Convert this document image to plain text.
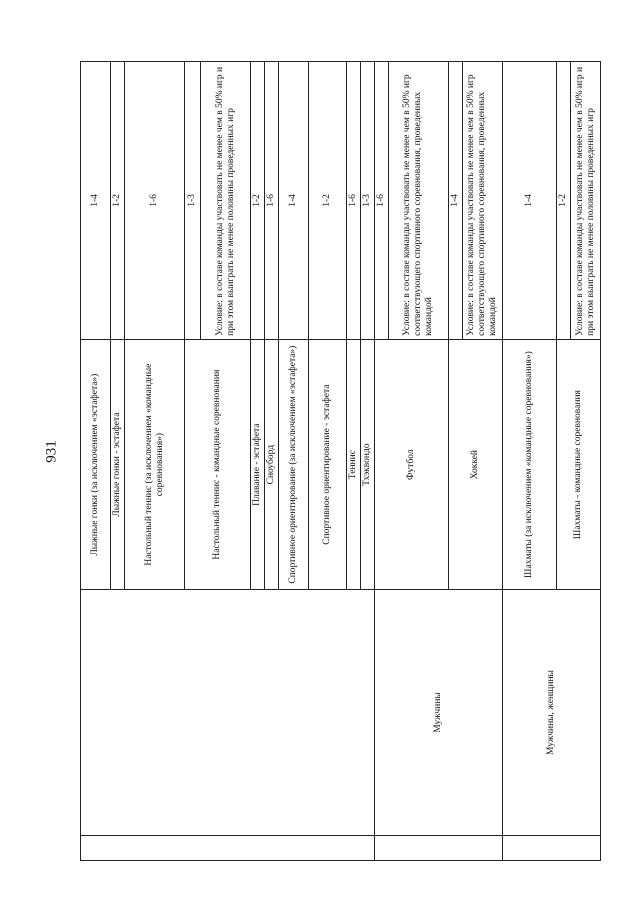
931
			Лыжные гонки (за исключением «эстафета»)	1-4
		Лыжные гонки - эстафета	1-2
		Настольный теннис (за исключением «командные соревнования»)	1-6
		Настольный теннис - командные соревнования	1-3
			Условие: в составе команды участвовать не менее чем в 50% игр и при этом выиграть не менее половины проведенных игр
		Плавание - эстафета	1-2
		Сноуборд	1-6
		Спортивное ориентирование (за исключением «эстафета»)	1-4
		Спортивное ориентирование - эстафета	1-2
		Теннис	1-6
		Тхэквондо	1-3
	Мужчины	Футбол	1-6
			Условие: в составе команды участвовать не менее чем в 50% игр соответствующего спортивного соревнования, проведенных командой
		Хоккей	1-4
			Условие: в составе команды участвовать не менее чем в 50% игр соответствующего спортивного соревнования, проведенных командой
	Мужчины, женщины	Шахматы (за исключением «командные соревнования»)	1-4
		Шахматы - командные соревнования	1-2
			Условие: в составе команды участвовать не менее чем в 50% игр и при этом выиграть не менее половины проведенных игр
